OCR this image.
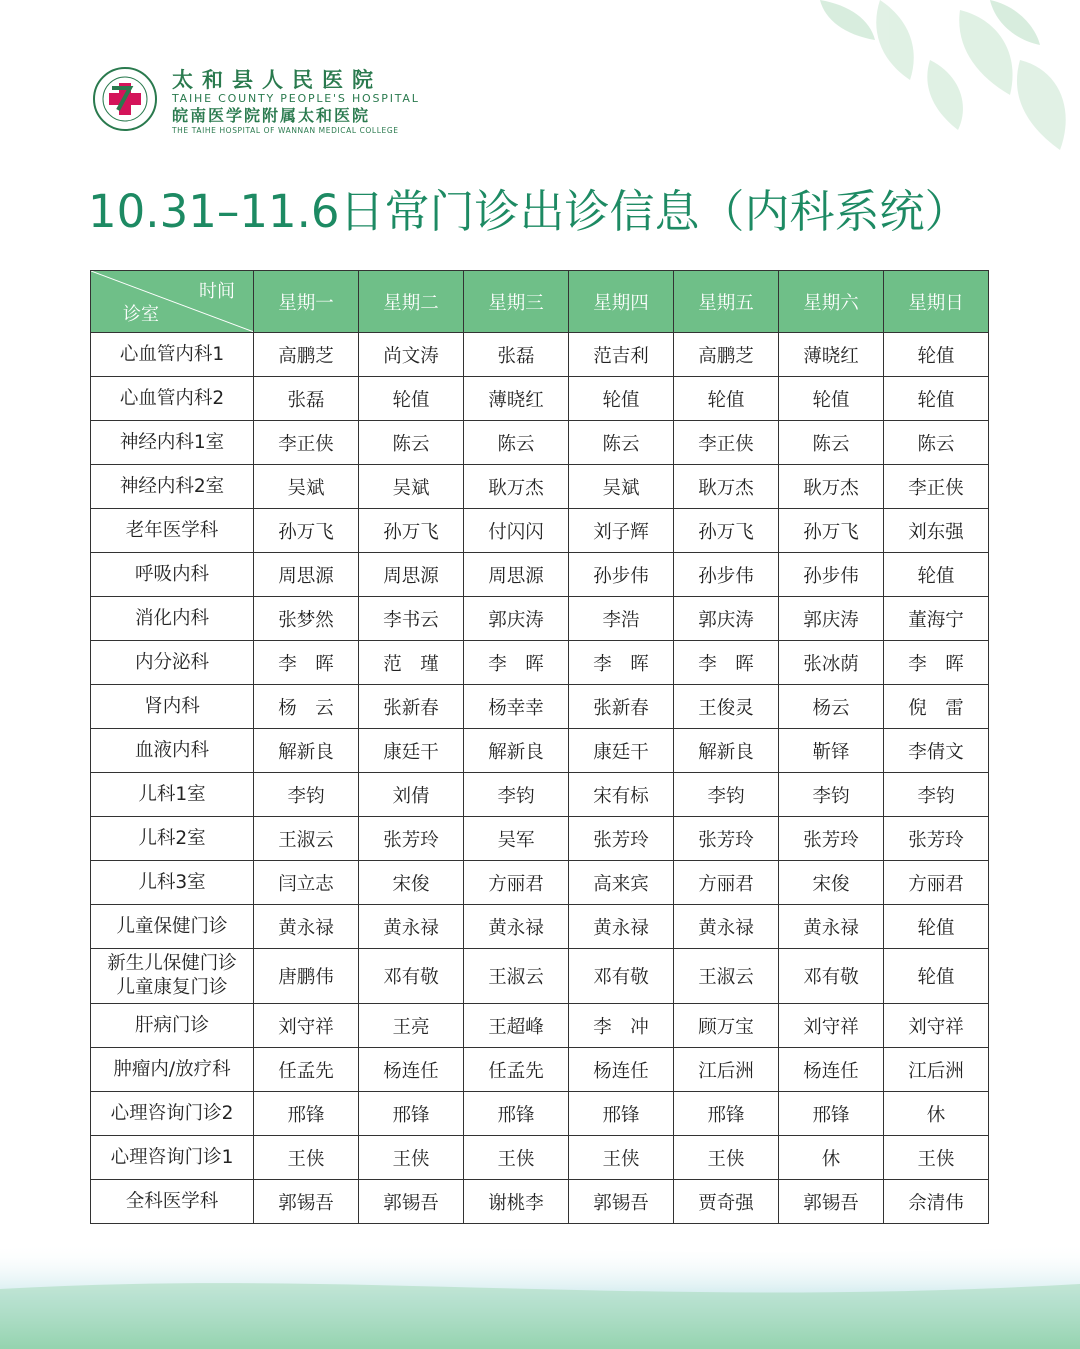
太和县人民医院
TAIHE COUNTY PEOPLE'S HOSPITAL
皖南医学院附属太和医院
THE TAIHE HOSPITAL OF WANNAN MEDICAL COLLEGE
10.31–11.6日常门诊出诊信息（内科系统）
时间
诊室	星期一	星期二	星期三	星期四	星期五	星期六	星期日
心血管内科1	高鹏芝	尚文涛	张磊	范吉利	高鹏芝	薄晓红	轮值
心血管内科2	张磊	轮值	薄晓红	轮值	轮值	轮值	轮值
神经内科1室	李正侠	陈云	陈云	陈云	李正侠	陈云	陈云
神经内科2室	吴斌	吴斌	耿万杰	吴斌	耿万杰	耿万杰	李正侠
老年医学科	孙万飞	孙万飞	付闪闪	刘子辉	孙万飞	孙万飞	刘东强
呼吸内科	周思源	周思源	周思源	孙步伟	孙步伟	孙步伟	轮值
消化内科	张梦然	李书云	郭庆涛	李浩	郭庆涛	郭庆涛	董海宁
内分泌科	李　晖	范　瑾	李　晖	李　晖	李　晖	张冰荫	李　晖
肾内科	杨　云	张新春	杨幸幸	张新春	王俊灵	杨云	倪　雷
血液内科	解新良	康廷干	解新良	康廷干	解新良	靳铎	李倩文
儿科1室	李钧	刘倩	李钧	宋有标	李钧	李钧	李钧
儿科2室	王淑云	张芳玲	吴军	张芳玲	张芳玲	张芳玲	张芳玲
儿科3室	闫立志	宋俊	方丽君	高来宾	方丽君	宋俊	方丽君
儿童保健门诊	黄永禄	黄永禄	黄永禄	黄永禄	黄永禄	黄永禄	轮值
新生儿保健门诊
儿童康复门诊	唐鹏伟	邓有敬	王淑云	邓有敬	王淑云	邓有敬	轮值
肝病门诊	刘守祥	王亮	王超峰	李　冲	顾万宝	刘守祥	刘守祥
肿瘤内/放疗科	任孟先	杨连任	任孟先	杨连任	江后洲	杨连任	江后洲
心理咨询门诊2	邢锋	邢锋	邢锋	邢锋	邢锋	邢锋	休
心理咨询门诊1	王侠	王侠	王侠	王侠	王侠	休	王侠
全科医学科	郭锡吾	郭锡吾	谢桃李	郭锡吾	贾奇强	郭锡吾	佘清伟
